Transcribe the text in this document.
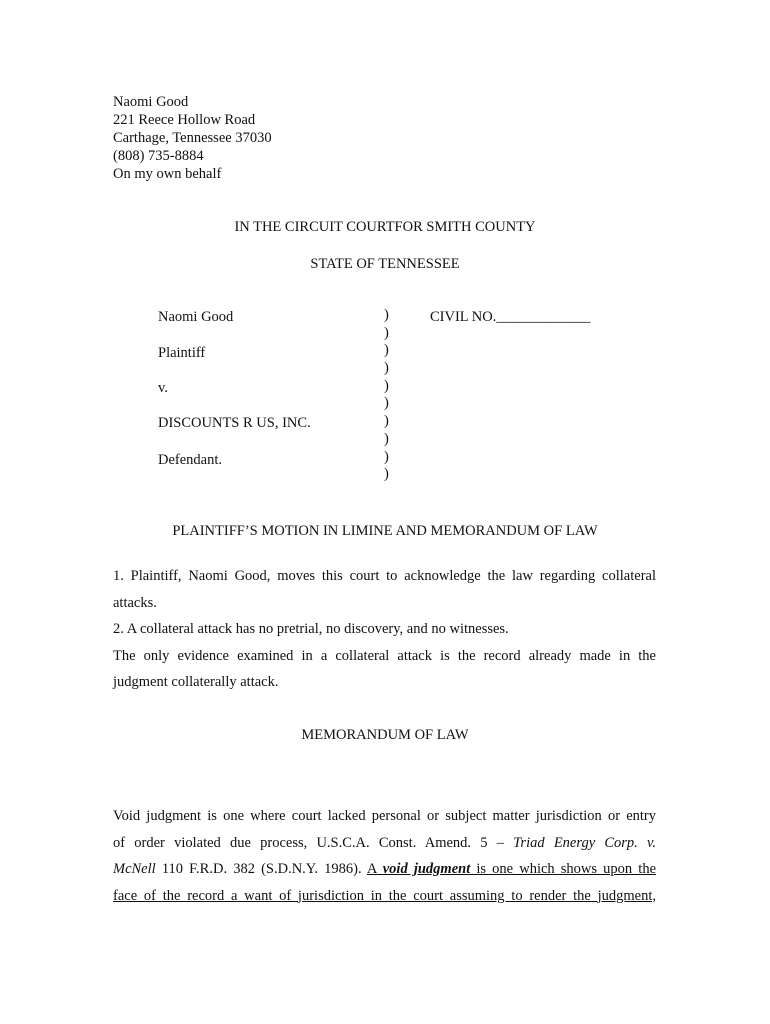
Naomi Good
221 Reece Hollow Road
Carthage, Tennessee 37030
(808) 735-8884
On my own behalf
IN THE CIRCUIT COURTFOR SMITH COUNTY
STATE OF TENNESSEE
Naomi Good
Plaintiff
v.
DISCOUNTS R US, INC.
Defendant.
)
)
)
)
)
)
)
)
)
)
CIVIL NO._____________
PLAINTIFF’S MOTION IN LIMINE AND MEMORANDUM OF LAW
1. Plaintiff, Naomi Good, moves this court to acknowledge the law regarding collateral
attacks.
2. A collateral attack has no pretrial, no discovery, and no witnesses.
The only evidence examined in a collateral attack is the record already made in the
judgment collaterally attack.
MEMORANDUM OF LAW
Void judgment is one where court lacked personal or subject matter jurisdiction or entry
of order violated due process, U.S.C.A. Const. Amend. 5 – Triad Energy Corp. v.
McNell 110 F.R.D. 382 (S.D.N.Y. 1986). A void judgment is one which shows upon the
face of the record a want of jurisdiction in the court assuming to render the judgment,
